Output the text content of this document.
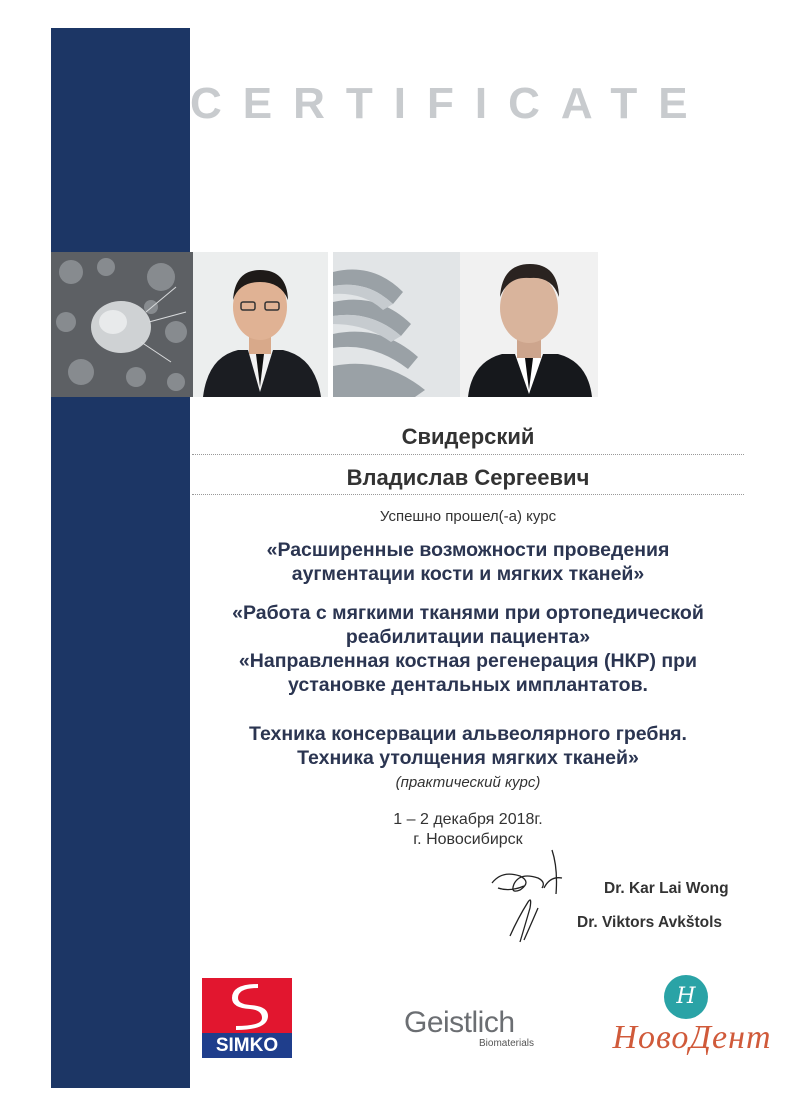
CERTIFICATE
Свидерский
Владислав Сергеевич
Успешно прошел(-а) курс
«Расширенные возможности проведения
аугментации кости и мягких тканей»
«Работа с мягкими тканями при ортопедической
реабилитации пациента»
«Направленная костная регенерация (НКР) при
установке дентальных имплантатов.
Техника консервации альвеолярного гребня.
Техника утолщения мягких тканей»
(практический курс)
1 – 2 декабря 2018г.
г. Новосибирск
Dr. Kar Lai Wong
Dr. Viktors Avkštols
SIMKO
Geistlich
Biomaterials
Н
НовоДент
